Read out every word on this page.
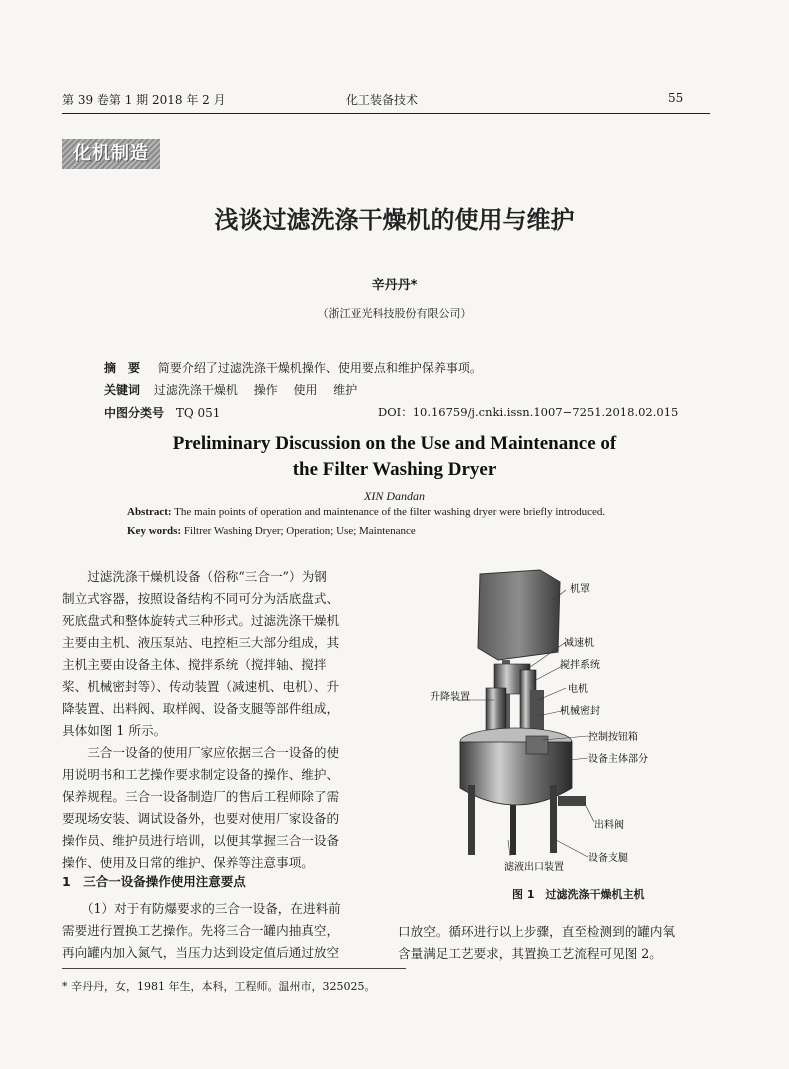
第 39 卷第 1 期 2018 年 2 月	化工装备技术	55
化机制造
浅谈过滤洗涤干燥机的使用与维护
辛丹丹*
（浙江亚光科技股份有限公司）
摘　要 简要介绍了过滤洗涤干燥机操作、使用要点和维护保养事项。
关键词 过滤洗涤干燥机　 操作　 使用　 维护
中图分类号 TQ 051	DOI：10.16759/j.cnki.issn.1007−7251.2018.02.015
Preliminary Discussion on the Use and Maintenance of
the Filter Washing Dryer
XIN Dandan
Abstract: The main points of operation and maintenance of the filter washing dryer were briefly introduced.
Key words: Filtrer Washing Dryer; Operation; Use; Maintenance
　　过滤洗涤干燥机设备（俗称“三合一”）为钢
制立式容器，按照设备结构不同可分为活底盘式、
死底盘式和整体旋转式三种形式。过滤洗涤干燥机
主要由主机、液压泵站、电控柜三大部分组成，其
主机主要由设备主体、搅拌系统（搅拌轴、搅拌
桨、机械密封等）、传动装置（减速机、电机）、升
降装置、出料阀、取样阀、设备支腿等部件组成，
具体如图 1 所示。
　　三合一设备的使用厂家应依据三合一设备的使
用说明书和工艺操作要求制定设备的操作、维护、
保养规程。三合一设备制造厂的售后工程师除了需
要现场安装、调试设备外，也要对使用厂家设备的
操作员、维护员进行培训，以便其掌握三合一设备
操作、使用及日常的维护、保养等注意事项。
1　三合一设备操作使用注意要点
　　（1）对于有防爆要求的三合一设备，在进料前
需要进行置换工艺操作。先将三合一罐内抽真空，
再向罐内加入氮气，当压力达到设定值后通过放空
口放空。循环进行以上步骤，直至检测到的罐内氧
含量满足工艺要求，其置换工艺流程可见图 2。
机罩
减速机
搅拌系统
电机
升降装置
机械密封
控制按钮箱
设备主体部分
出料阀
设备支腿
滤液出口装置
图 1　过滤洗涤干燥机主机
* 辛丹丹，女，1981 年生，本科，工程师。温州市，325025。
